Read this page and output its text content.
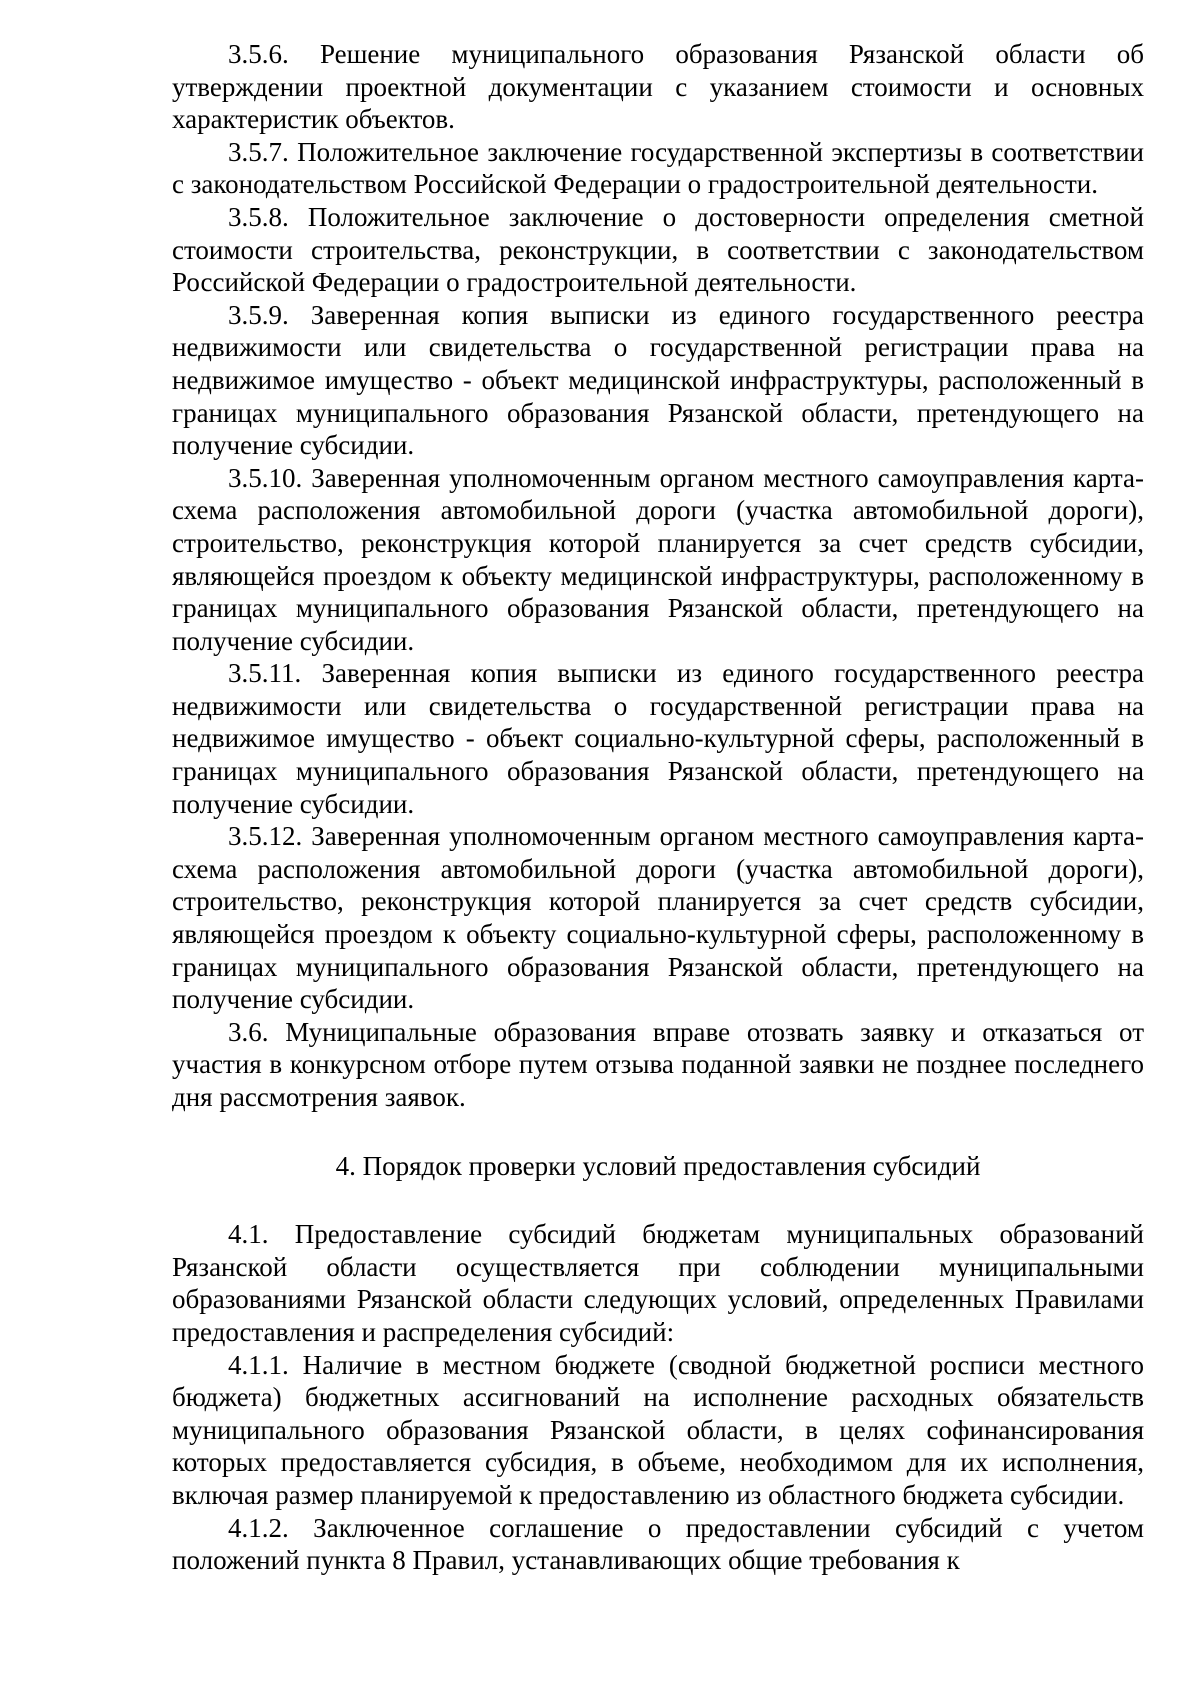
3.5.6. Решение муниципального образования Рязанской области об утверждении проектной документации с указанием стоимости и основных характеристик объектов.

3.5.7. Положительное заключение государственной экспертизы в соответствии с законодательством Российской Федерации о градостроительной деятельности.

3.5.8. Положительное заключение о достоверности определения сметной стоимости строительства, реконструкции, в соответствии с законодательством Российской Федерации о градостроительной деятельности.

3.5.9. Заверенная копия выписки из единого государственного реестра недвижимости или свидетельства о государственной регистрации права на недвижимое имущество - объект медицинской инфраструктуры, расположенный в границах муниципального образования Рязанской области, претендующего на получение субсидии.

3.5.10. Заверенная уполномоченным органом местного самоуправления карта-схема расположения автомобильной дороги (участка автомобильной дороги), строительство, реконструкция которой планируется за счет средств субсидии, являющейся проездом к объекту медицинской инфраструктуры, расположенному в границах муниципального образования Рязанской области, претендующего на получение субсидии.

3.5.11. Заверенная копия выписки из единого государственного реестра недвижимости или свидетельства о государственной регистрации права на недвижимое имущество - объект социально-культурной сферы, расположенный в границах муниципального образования Рязанской области, претендующего на получение субсидии.

3.5.12. Заверенная уполномоченным органом местного самоуправления карта-схема расположения автомобильной дороги (участка автомобильной дороги), строительство, реконструкция которой планируется за счет средств субсидии, являющейся проездом к объекту социально-культурной сферы, расположенному в границах муниципального образования Рязанской области, претендующего на получение субсидии.

3.6. Муниципальные образования вправе отозвать заявку и отказаться от участия в конкурсном отборе путем отзыва поданной заявки не позднее последнего дня рассмотрения заявок.

4. Порядок проверки условий предоставления субсидий

4.1. Предоставление субсидий бюджетам муниципальных образований Рязанской области осуществляется при соблюдении муниципальными образованиями Рязанской области следующих условий, определенных Правилами предоставления и распределения субсидий:

4.1.1. Наличие в местном бюджете (сводной бюджетной росписи местного бюджета) бюджетных ассигнований на исполнение расходных обязательств муниципального образования Рязанской области, в целях софинансирования которых предоставляется субсидия, в объеме, необходимом для их исполнения, включая размер планируемой к предоставлению из областного бюджета субсидии.

4.1.2. Заключенное соглашение о предоставлении субсидий с учетом положений пункта 8 Правил, устанавливающих общие требования к
